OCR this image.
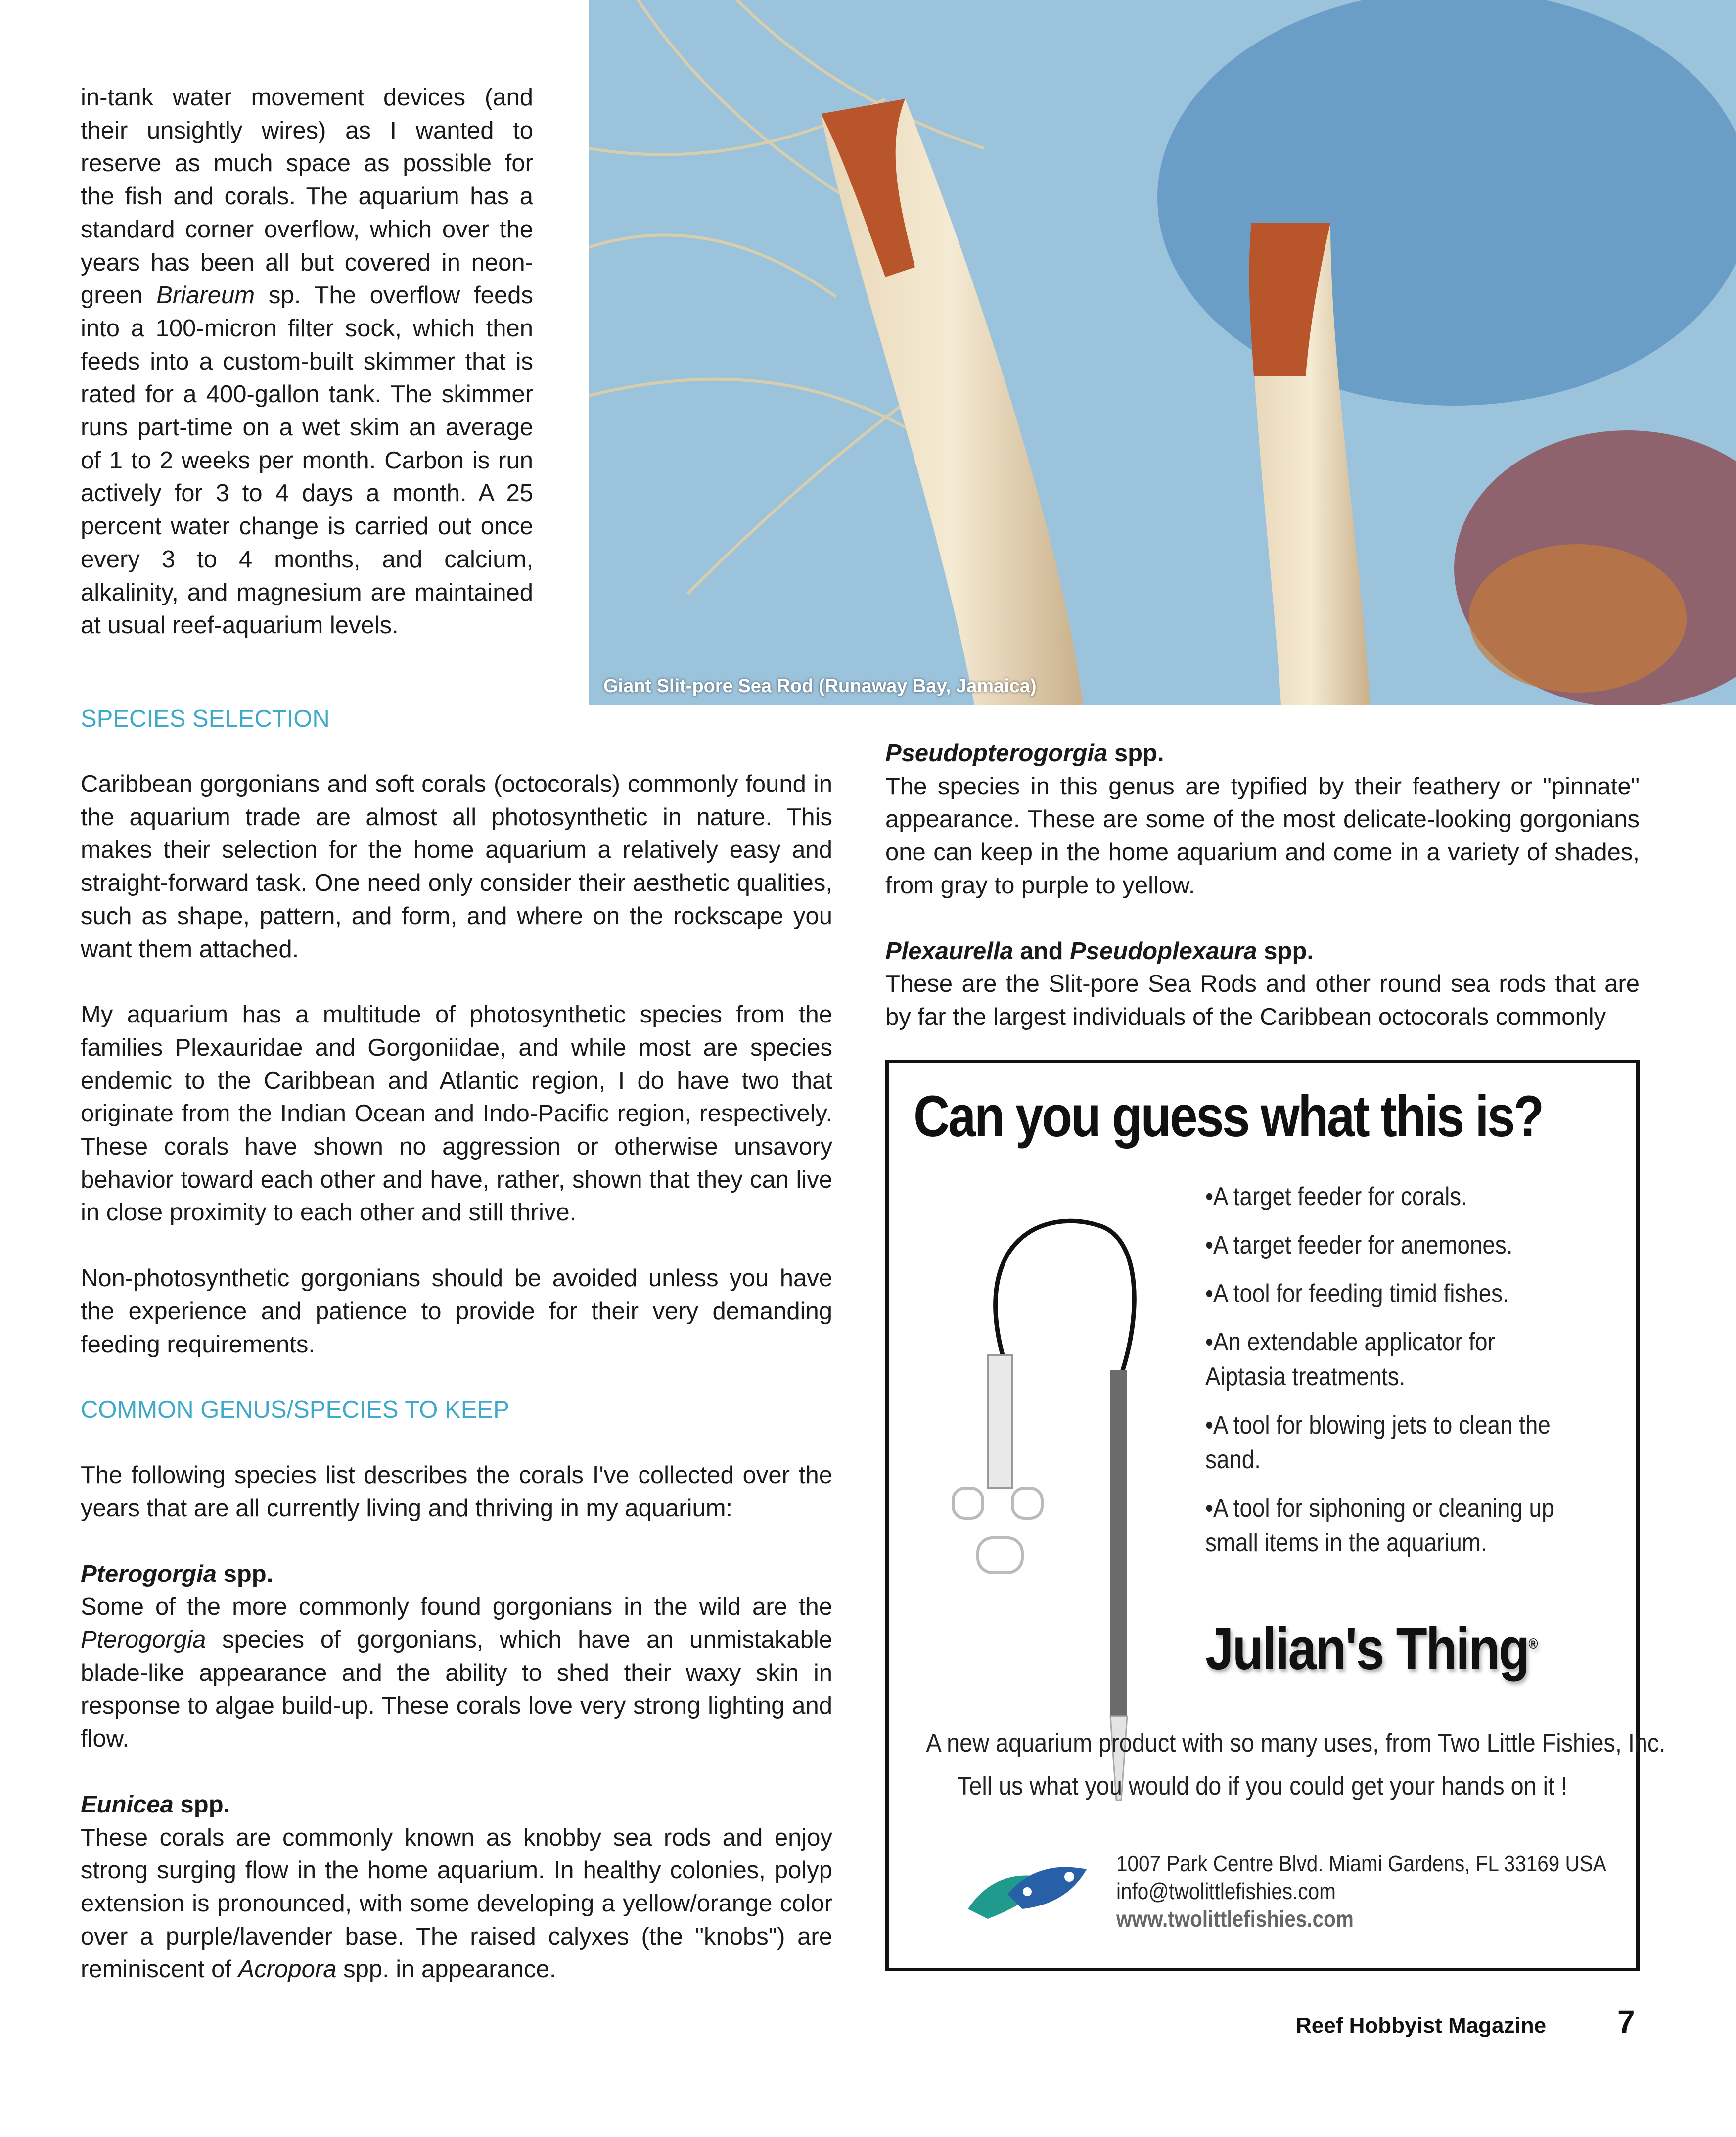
in-tank water movement devices (and their unsightly wires) as I wanted to reserve as much space as possible for the fish and corals. The aquarium has a standard corner overflow, which over the years has been all but covered in neon-green Briareum sp. The overflow feeds into a 100-micron filter sock, which then feeds into a custom-built skimmer that is rated for a 400-gallon tank. The skimmer runs part-time on a wet skim an average of 1 to 2 weeks per month. Carbon is run actively for 3 to 4 days a month. A 25 percent water change is carried out once every 3 to 4 months, and calcium, alkalinity, and magnesium are maintained at usual reef-aquarium levels.

Giant Slit-pore Sea Rod (Runaway Bay, Jamaica)

SPECIES SELECTION

Caribbean gorgonians and soft corals (octocorals) commonly found in the aquarium trade are almost all photosynthetic in nature. This makes their selection for the home aquarium a relatively easy and straight-forward task. One need only consider their aesthetic qualities, such as shape, pattern, and form, and where on the rockscape you want them attached.

My aquarium has a multitude of photosynthetic species from the families Plexauridae and Gorgoniidae, and while most are species endemic to the Caribbean and Atlantic region, I do have two that originate from the Indian Ocean and Indo-Pacific region, respectively. These corals have shown no aggression or otherwise unsavory behavior toward each other and have, rather, shown that they can live in close proximity to each other and still thrive.

Non-photosynthetic gorgonians should be avoided unless you have the experience and patience to provide for their very demanding feeding requirements.

COMMON GENUS/SPECIES TO KEEP

The following species list describes the corals I've collected over the years that are all currently living and thriving in my aquarium:

Pterogorgia spp.

Some of the more commonly found gorgonians in the wild are the Pterogorgia species of gorgonians, which have an unmistakable blade-like appearance and the ability to shed their waxy skin in response to algae build-up. These corals love very strong lighting and flow.

Eunicea spp.

These corals are commonly known as knobby sea rods and enjoy strong surging flow in the home aquarium. In healthy colonies, polyp extension is pronounced, with some developing a yellow/orange color over a purple/lavender base. The raised calyxes (the "knobs") are reminiscent of Acropora spp. in appearance.

Pseudopterogorgia spp.

The species in this genus are typified by their feathery or "pinnate" appearance. These are some of the most delicate-looking gorgonians one can keep in the home aquarium and come in a variety of shades, from gray to purple to yellow.

Plexaurella and Pseudoplexaura spp.

These are the Slit-pore Sea Rods and other round sea rods that are by far the largest individuals of the Caribbean octocorals commonly

Can you guess what this is?
• A target feeder for corals.
• A target feeder for anemones.
• A tool for feeding timid fishes.
• An extendable applicator for Aiptasia treatments.
• A tool for blowing jets to clean the sand.
• A tool for siphoning or cleaning up small items in the aquarium.
Julian's Thing®
A new aquarium product with so many uses, from Two Little Fishies, Inc.
Tell us what you would do if you could get your hands on it !
1007 Park Centre Blvd. Miami Gardens, FL 33169 USA
info@twolittlefishies.com
www.twolittlefishies.com
Reef Hobbyist Magazine 7
